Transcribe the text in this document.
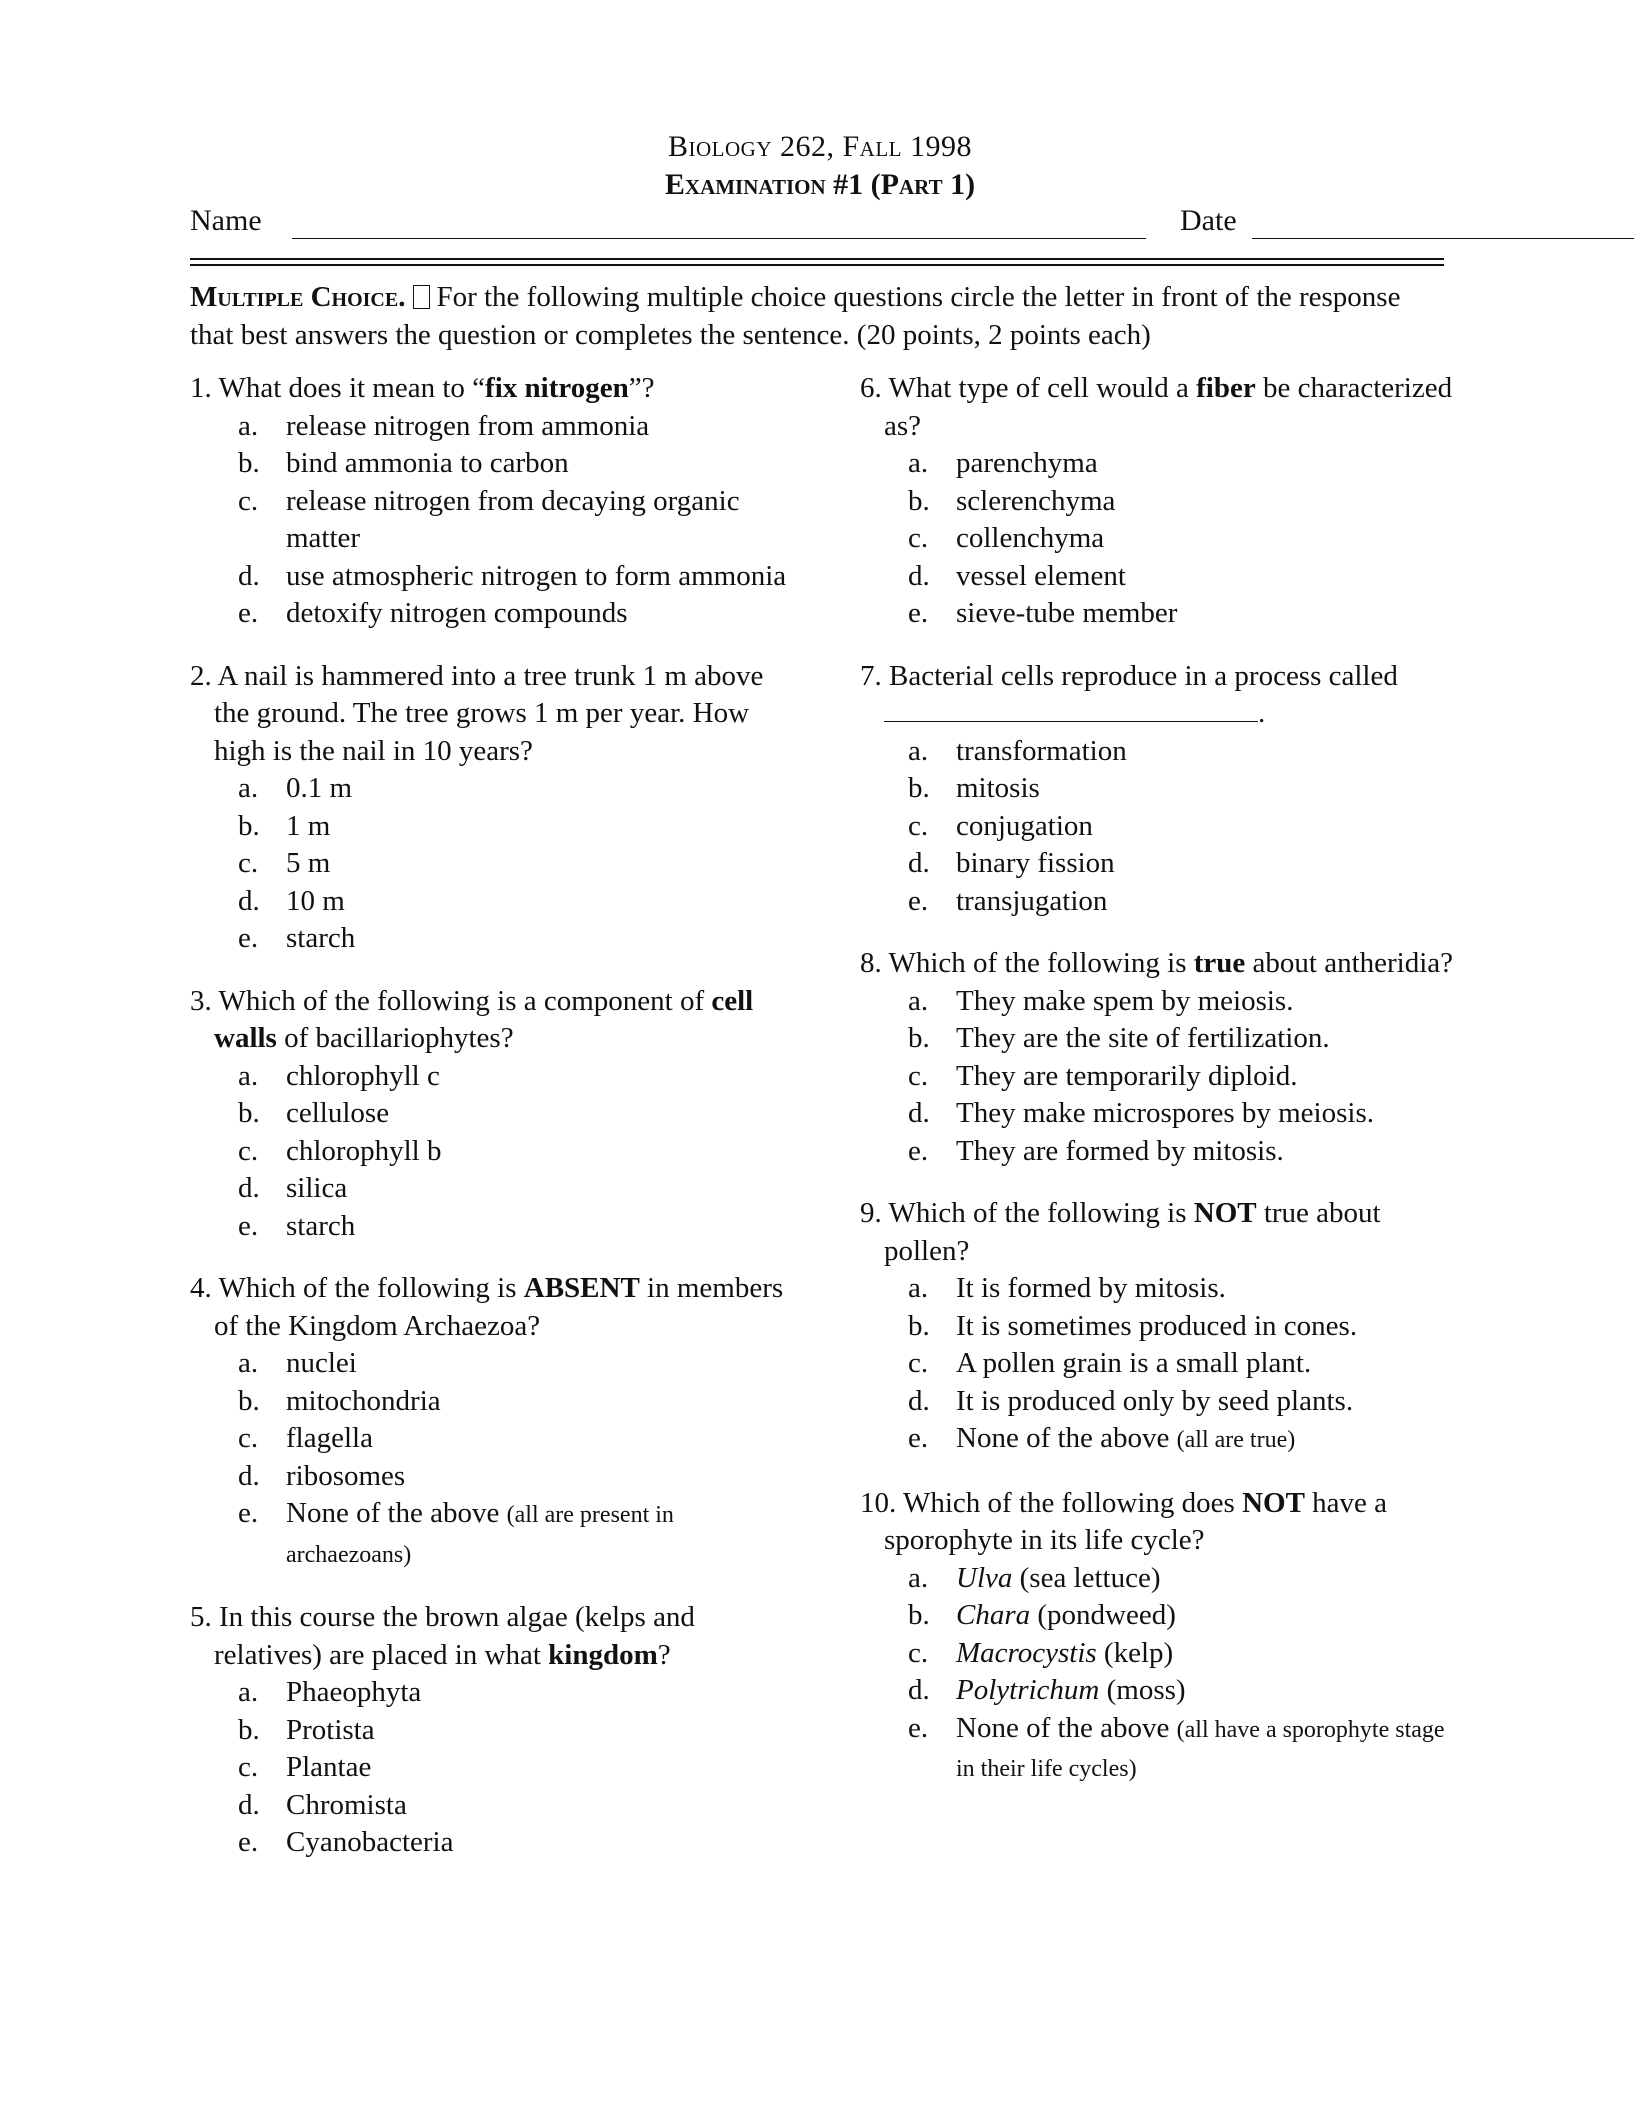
Biology 262, Fall 1998
Examination #1 (Part 1)
Name	Date
Multiple Choice. For the following multiple choice questions circle the letter in front of the response that best answers the question or completes the sentence. (20 points, 2 points each)
1. What does it mean to “fix nitrogen”?
a. release nitrogen from ammonia
b. bind ammonia to carbon
c. release nitrogen from decaying organic matter
d. use atmospheric nitrogen to form ammonia
e. detoxify nitrogen compounds
2. A nail is hammered into a tree trunk 1 m above the ground. The tree grows 1 m per year. How high is the nail in 10 years?
a. 0.1 m
b. 1 m
c. 5 m
d. 10 m
e. starch
3. Which of the following is a component of cell walls of bacillariophytes?
a. chlorophyll c
b. cellulose
c. chlorophyll b
d. silica
e. starch
4. Which of the following is ABSENT in members of the Kingdom Archaezoa?
a. nuclei
b. mitochondria
c. flagella
d. ribosomes
e. None of the above (all are present in archaezoans)
5. In this course the brown algae (kelps and relatives) are placed in what kingdom?
a. Phaeophyta
b. Protista
c. Plantae
d. Chromista
e. Cyanobacteria
6. What type of cell would a fiber be characterized as?
a. parenchyma
b. sclerenchyma
c. collenchyma
d. vessel element
e. sieve-tube member
7. Bacterial cells reproduce in a process called .
a. transformation
b. mitosis
c. conjugation
d. binary fission
e. transjugation
8. Which of the following is true about antheridia?
a. They make spem by meiosis.
b. They are the site of fertilization.
c. They are temporarily diploid.
d. They make microspores by meiosis.
e. They are formed by mitosis.
9. Which of the following is NOT true about pollen?
a. It is formed by mitosis.
b. It is sometimes produced in cones.
c. A pollen grain is a small plant.
d. It is produced only by seed plants.
e. None of the above (all are true)
10. Which of the following does NOT have a sporophyte in its life cycle?
a. Ulva (sea lettuce)
b. Chara (pondweed)
c. Macrocystis (kelp)
d. Polytrichum (moss)
e. None of the above (all have a sporophyte stage in their life cycles)
